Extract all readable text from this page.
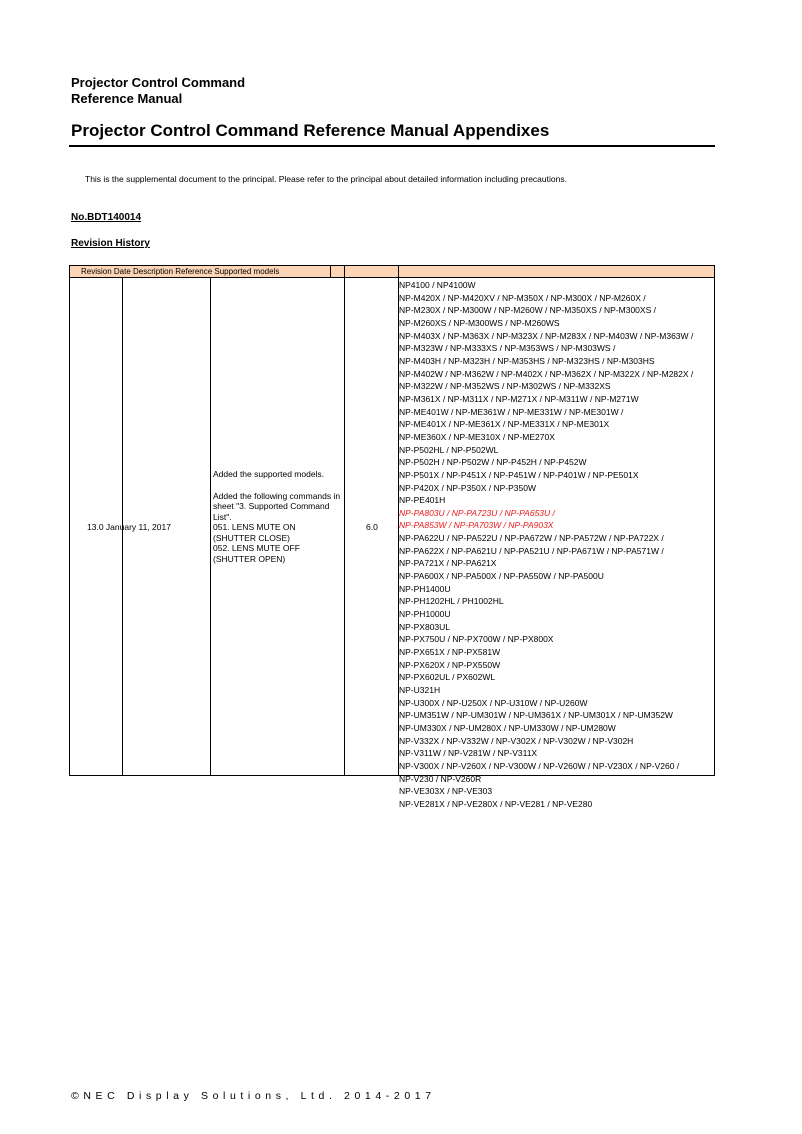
Projector Control Command
Reference Manual
Projector Control Command Reference Manual Appendixes
This is the supplemental document to the principal. Please refer to the principal about detailed information including precautions.
No.BDT140014
Revision History
Revision Date Description Reference Supported models
13.0 January 11, 2017
Added the supported models.
Added the following commands in
sheet "3. Supported Command
List".
051. LENS MUTE ON
(SHUTTER CLOSE)
052. LENS MUTE OFF
(SHUTTER OPEN)
6.0
NP4100 / NP4100W
NP-M420X / NP-M420XV / NP-M350X / NP-M300X / NP-M260X /
NP-M230X / NP-M300W / NP-M260W / NP-M350XS / NP-M300XS /
NP-M260XS / NP-M300WS / NP-M260WS
NP-M403X / NP-M363X / NP-M323X / NP-M283X / NP-M403W / NP-M363W /
NP-M323W / NP-M333XS / NP-M353WS / NP-M303WS /
NP-M403H / NP-M323H / NP-M353HS / NP-M323HS / NP-M303HS
NP-M402W / NP-M362W / NP-M402X / NP-M362X / NP-M322X / NP-M282X /
NP-M322W / NP-M352WS / NP-M302WS / NP-M332XS
NP-M361X / NP-M311X / NP-M271X / NP-M311W / NP-M271W
NP-ME401W / NP-ME361W / NP-ME331W / NP-ME301W /
NP-ME401X / NP-ME361X / NP-ME331X / NP-ME301X
NP-ME360X / NP-ME310X / NP-ME270X
NP-P502HL / NP-P502WL
NP-P502H / NP-P502W / NP-P452H / NP-P452W
NP-P501X / NP-P451X / NP-P451W / NP-P401W / NP-PE501X
NP-P420X / NP-P350X / NP-P350W
NP-PE401H
NP-PA803U / NP-PA723U / NP-PA653U /
NP-PA853W / NP-PA703W / NP-PA903X
NP-PA622U / NP-PA522U / NP-PA672W / NP-PA572W / NP-PA722X /
NP-PA622X / NP-PA621U / NP-PA521U / NP-PA671W / NP-PA571W /
NP-PA721X / NP-PA621X
NP-PA600X / NP-PA500X / NP-PA550W / NP-PA500U
NP-PH1400U
NP-PH1202HL / PH1002HL
NP-PH1000U
NP-PX803UL
NP-PX750U / NP-PX700W / NP-PX800X
NP-PX651X / NP-PX581W
NP-PX620X / NP-PX550W
NP-PX602UL / PX602WL
NP-U321H
NP-U300X / NP-U250X / NP-U310W / NP-U260W
NP-UM351W / NP-UM301W / NP-UM361X / NP-UM301X / NP-UM352W
NP-UM330X / NP-UM280X / NP-UM330W / NP-UM280W
NP-V332X / NP-V332W / NP-V302X / NP-V302W / NP-V302H
NP-V311W / NP-V281W / NP-V311X
NP-V300X / NP-V260X / NP-V300W / NP-V260W / NP-V230X / NP-V260 /
NP-V230 / NP-V260R
NP-VE303X / NP-VE303
NP-VE281X / NP-VE280X / NP-VE281 / NP-VE280
©NEC Display Solutions, Ltd. 2014-2017
